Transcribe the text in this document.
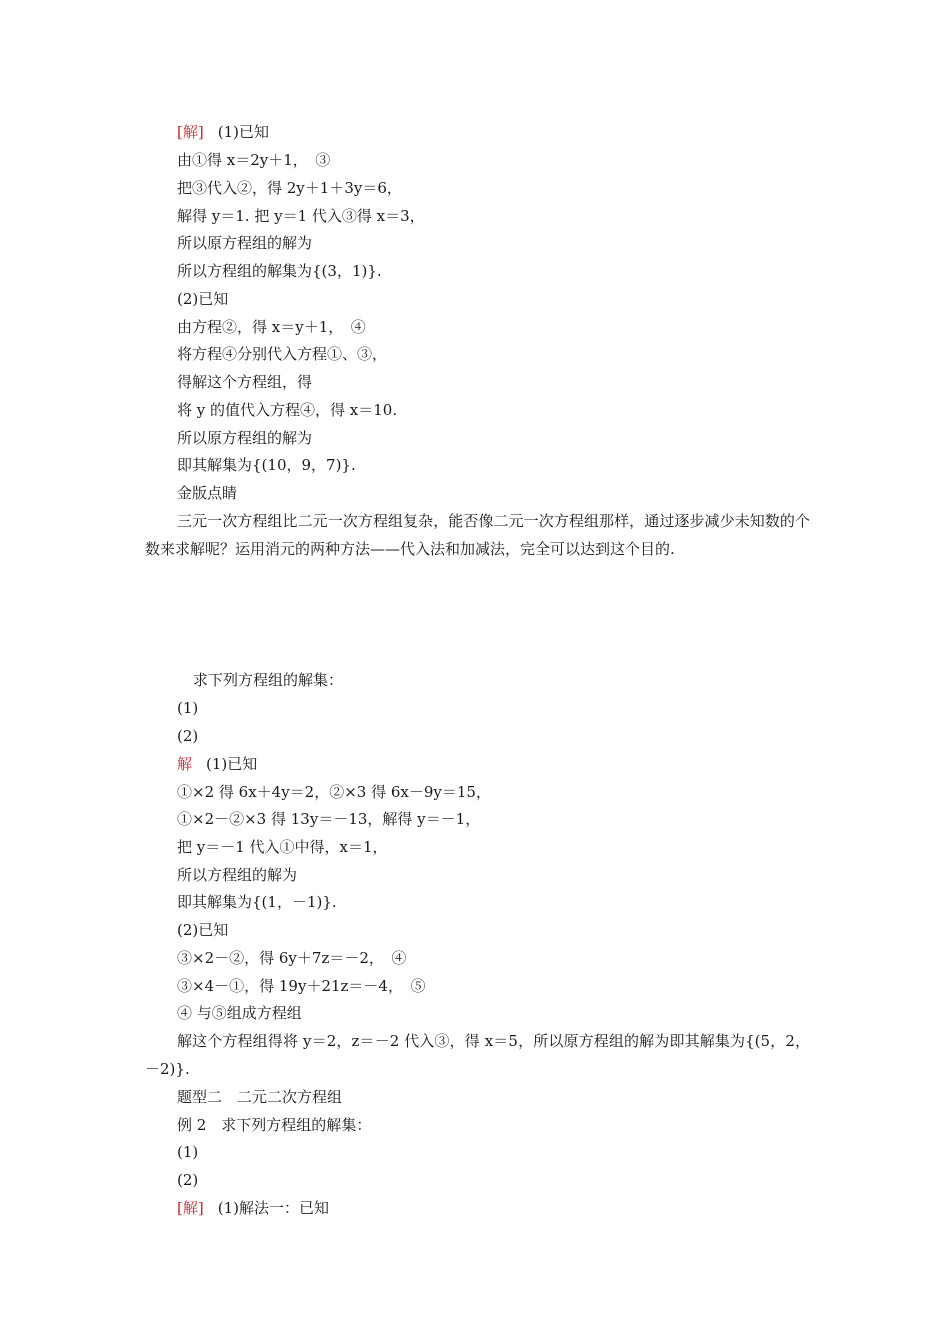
[解] (1)已知
由①得 x＝2y＋1，　③
把③代入②，得 2y＋1＋3y＝6，
解得 y＝1. 把 y＝1 代入③得 x＝3，
所以原方程组的解为
所以方程组的解集为{(3，1)}.
(2)已知
由方程②，得 x＝y＋1，　④
将方程④分别代入方程①、③，
得解这个方程组，得
将 y 的值代入方程④，得 x＝10.
所以原方程组的解为
即其解集为{(10，9，7)}.
金版点睛
三元一次方程组比二元一次方程组复杂，能否像二元一次方程组那样，通过逐步减少未知数的个数来求解呢？运用消元的两种方法——代入法和加减法，完全可以达到这个目的.
求下列方程组的解集：
(1)
(2)
解 (1)已知
①×2 得 6x＋4y＝2，②×3 得 6x－9y＝15，
①×2－②×3 得 13y＝－13，解得 y＝－1，
把 y＝－1 代入①中得，x＝1，
所以方程组的解为
即其解集为{(1，－1)}.
(2)已知
③×2－②，得 6y＋7z＝－2，　④
③×4－①，得 19y＋21z＝－4，　⑤
④ 与⑤组成方程组
解这个方程组得将 y＝2，z＝－2 代入③，得 x＝5，所以原方程组的解为即其解集为{(5，2，－2)}.
题型二　二元二次方程组
例 2　求下列方程组的解集：
(1)
(2)
[解] (1)解法一：已知
